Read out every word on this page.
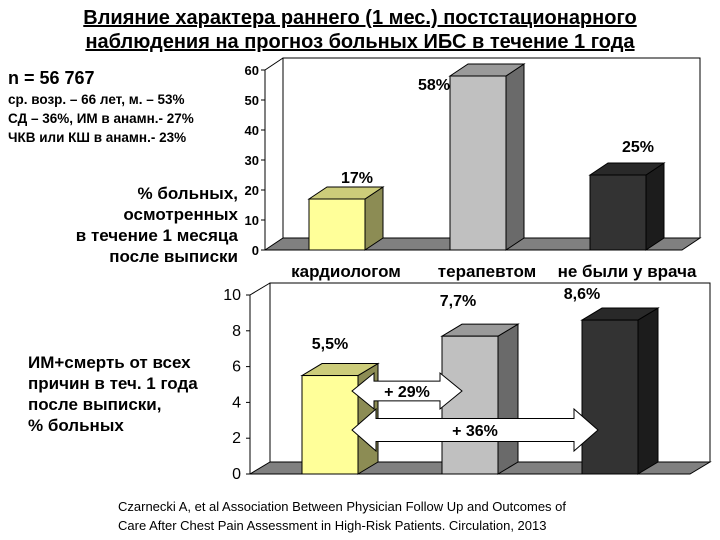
Влияние характера раннего (1 мес.) постстационарного
наблюдения на прогноз больных ИБС в течение 1 года
n = 56 767
ср. возр. – 66 лет, м. – 53%
СД – 36%, ИМ в анамн.- 27%
ЧКВ или КШ в анамн.- 23%
% больных,
осмотренных
в течение 1 месяца
после выписки
ИМ+смерть от всех
причин в теч. 1 года
после выписки,
% больных
Czarnecki A, et al Association Between Physician Follow Up and Outcomes of
Care After Chest Pain Assessment in High-Risk Patients. Circulation, 2013
0
10
20
30
40
50
60
17%
кардиологом
58%
терапевтом
25%
не были у врача
0
2
4
6
8
10
5,5%
7,7%	8,6%
+ 29%
+ 36%
